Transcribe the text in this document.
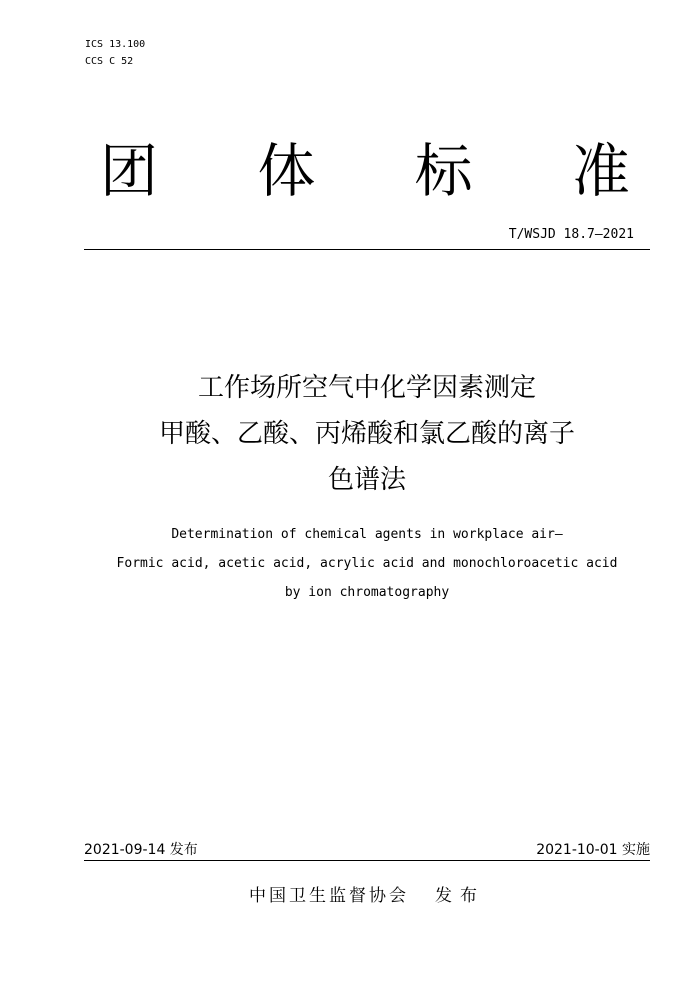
ICS 13.100
CCS C 52
团 体 标 准
T/WSJD 18.7—2021
工作场所空气中化学因素测定
甲酸、乙酸、丙烯酸和氯乙酸的离子
色谱法
Determination of chemical agents in workplace air—
Formic acid, acetic acid, acrylic acid and monochloroacetic acid
by ion chromatography
2021-09-14 发布	2021-10-01 实施
中国卫生监督协会 发布
